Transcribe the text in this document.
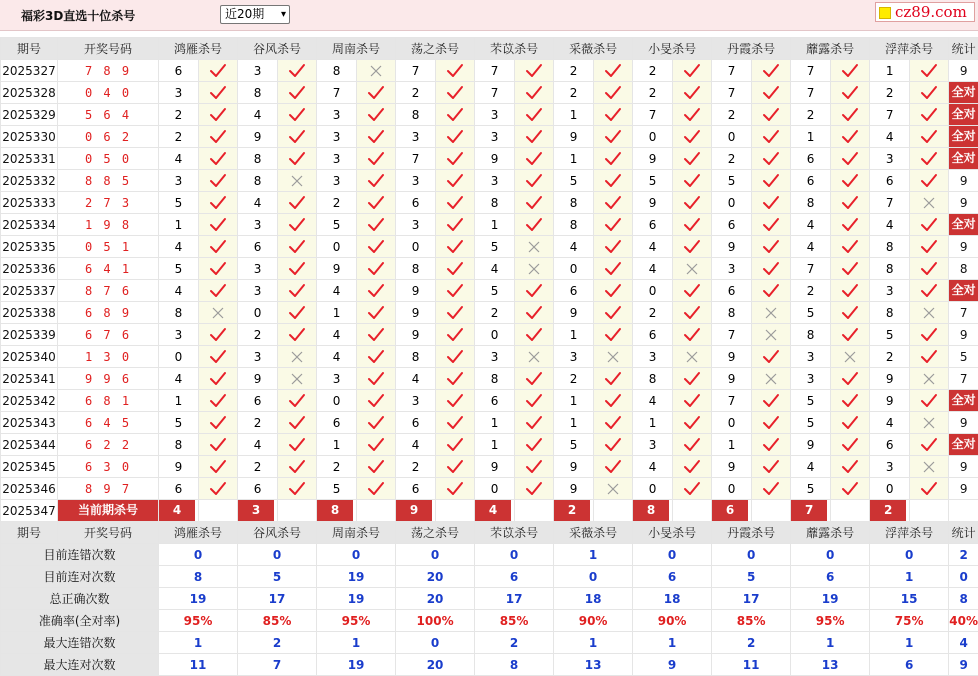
福彩3D直选十位杀号	近20期 ▾	cz89.com
期号	开奖号码	鸿雁杀号		谷风杀号		周南杀号		荡之杀号		芣苡杀号		采薇杀号		小旻杀号		丹霞杀号		蘼露杀号		浮萍杀号		统计
2025327	7 8 9	6		3		8		7		7		2		2		7		7		1		9
2025328	0 4 0	3		8		7		2		7		2		2		7		7		2		全对
2025329	5 6 4	2		4		3		8		3		1		7		2		2		7		全对
2025330	0 6 2	2		9		3		3		3		9		0		0		1		4		全对
2025331	0 5 0	4		8		3		7		9		1		9		2		6		3		全对
2025332	8 8 5	3		8		3		3		3		5		5		5		6		6		9
2025333	2 7 3	5		4		2		6		8		8		9		0		8		7		9
2025334	1 9 8	1		3		5		3		1		8		6		6		4		4		全对
2025335	0 5 1	4		6		0		0		5		4		4		9		4		8		9
2025336	6 4 1	5		3		9		8		4		0		4		3		7		8		8
2025337	8 7 6	4		3		4		9		5		6		0		6		2		3		全对
2025338	6 8 9	8		0		1		9		2		9		2		8		5		8		7
2025339	6 7 6	3		2		4		9		0		1		6		7		8		5		9
2025340	1 3 0	0		3		4		8		3		3		3		9		3		2		5
2025341	9 9 6	4		9		3		4		8		2		8		9		3		9		7
2025342	6 8 1	1		6		0		3		6		1		4		7		5		9		全对
2025343	6 4 5	5		2		6		6		1		1		1		0		5		4		9
2025344	6 2 2	8		4		1		4		1		5		3		1		9		6		全对
2025345	6 3 0	9		2		2		2		9		9		4		9		4		3		9
2025346	8 9 7	6		6		5		6		0		9		0		0		5		0		9
2025347	当前期杀号	4		3		8		9		4		2		8		6		7		2		

期号	开奖号码	鸿雁杀号		谷风杀号		周南杀号		荡之杀号		芣苡杀号		采薇杀号		小旻杀号		丹霞杀号		蘼露杀号		浮萍杀号		统计
目前连错次数		0		0		0		0		0		1		0		0		0		0		2
目前连对次数		8		5		19		20		6		0		6		5		6		1		0
总正确次数		19		17		19		20		17		18		18		17		19		15		8
准确率(全对率)		95%		85%		95%		100%		85%		90%		90%		85%		95%		75%		40%
最大连错次数		1		2		1		0		2		1		1		2		1		1		4
最大连对次数		11		7		19		20		8		13		9		11		13		6		9
